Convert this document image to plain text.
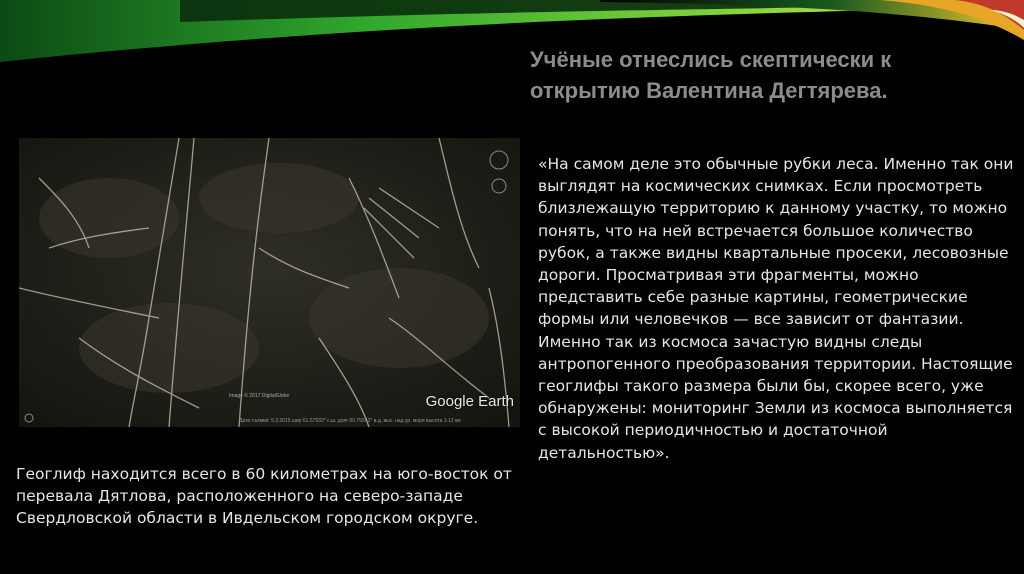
Учёные отнеслись скептически к открытию Валентина Дегтярева.
Image © 2017 DigitalGlobe	Google Earth
Дата съемки: 5.3.2015 шир 61.57932° с.ш. долг 60.75542° в.д. выс. над ур. моря высота 3.12 км
«На самом деле это обычные рубки леса. Именно так они выглядят на космических снимках. Если просмотреть близлежащую территорию к данному участку, то можно понять, что на ней встречается большое количество рубок, а также видны квартальные просеки, лесовозные дороги. Просматривая эти фрагменты, можно представить себе разные картины, геометрические формы или человечков — все зависит от фантазии. Именно так из космоса зачастую видны следы антропогенного преобразования территории. Настоящие геоглифы такого размера были бы, скорее всего, уже обнаружены: мониторинг Земли из космоса выполняется с высокой периодичностью и достаточной детальностью».
Геоглиф находится всего в 60 километрах на юго-восток от перевала Дятлова, расположенного на северо-западе Свердловской области в Ивдельском городском округе.
